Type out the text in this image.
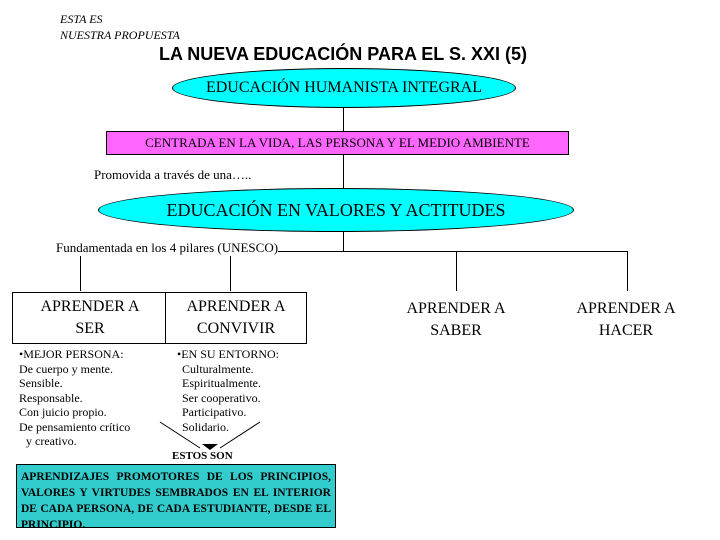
ESTA ES
NUESTRA PROPUESTA
LA NUEVA EDUCACIÓN PARA EL S. XXI (5)
EDUCACIÓN HUMANISTA INTEGRAL
CENTRADA EN LA VIDA, LAS PERSONA Y EL MEDIO AMBIENTE
Promovida a través de una…..
EDUCACIÓN EN VALORES Y ACTITUDES
Fundamentada en los 4 pilares (UNESCO)
APRENDER A
SER
APRENDER A
CONVIVIR
APRENDER A
SABER
APRENDER A
HACER
•MEJOR PERSONA:
De cuerpo y mente.
Sensible.
Responsable.
Con juicio propio.
De pensamiento crítico
y creativo.
•EN SU ENTORNO:
Culturalmente.
Espiritualmente.
Ser cooperativo.
Participativo.
Solidario.
ESTOS SON
APRENDIZAJES PROMOTORES DE LOS PRINCIPIOS, VALORES Y VIRTUDES SEMBRADOS EN EL INTERIOR DE CADA PERSONA, DE CADA ESTUDIANTE, DESDE EL PRINCIPIO.
